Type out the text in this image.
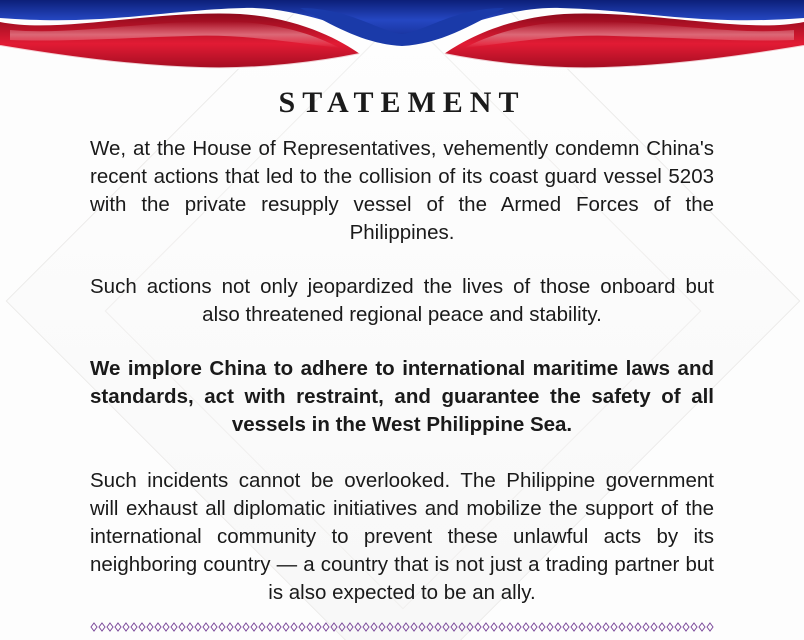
STATEMENT

We, at the House of Representatives, vehemently condemn China's recent actions that led to the collision of its coast guard vessel 5203 with the private resupply vessel of the Armed Forces of the Philippines.

Such actions not only jeopardized the lives of those onboard but also threatened regional peace and stability.

We implore China to adhere to international maritime laws and standards, act with restraint, and guarantee the safety of all vessels in the West Philippine Sea.

Such incidents cannot be overlooked. The Philippine government will exhaust all diplomatic initiatives and mobilize the support of the international community to prevent these unlawful acts by its neighboring country — a country that is not just a trading partner but is also expected to be an ally.
